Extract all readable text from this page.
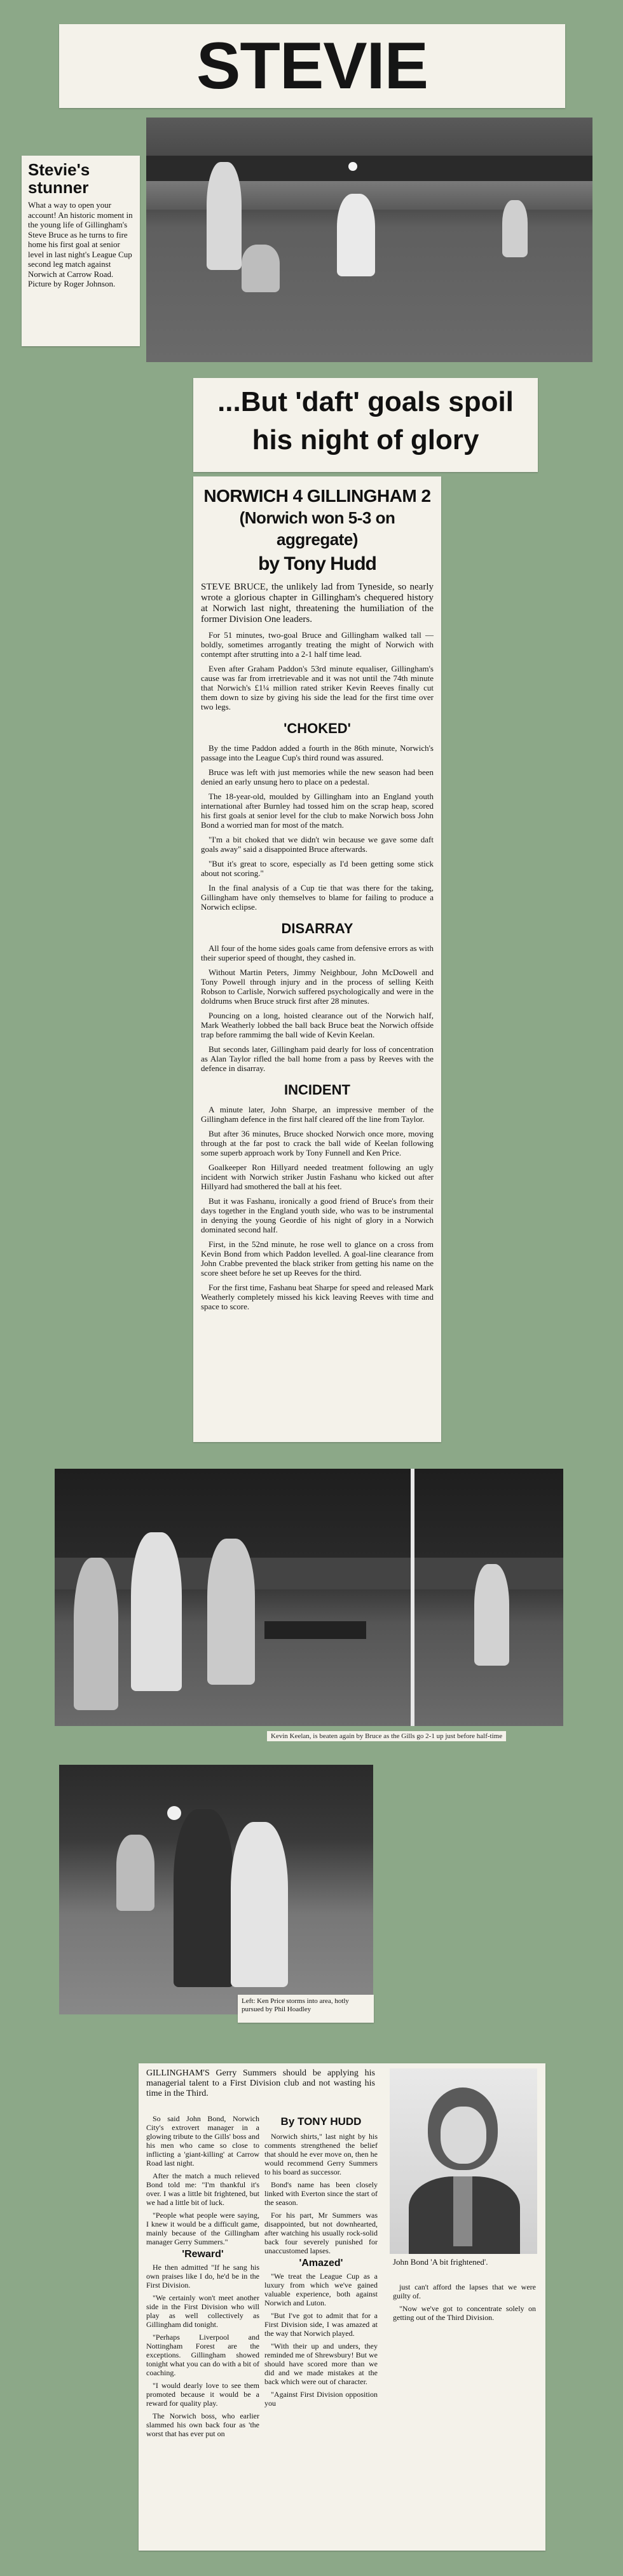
STEVIE
Stevie's stunner
What a way to open your account! An historic moment in the young life of Gillingham's Steve Bruce as he turns to fire home his first goal at senior level in last night's League Cup second leg match against Norwich at Carrow Road. Picture by Roger Johnson.
...But 'daft' goals spoil
his night of glory
NORWICH 4 GILLINGHAM 2
(Norwich won 5-3 on aggregate)
by Tony Hudd

STEVE BRUCE, the unlikely lad from Tyneside, so nearly wrote a glorious chapter in Gillingham's chequered history at Norwich last night, threatening the humiliation of the former Division One leaders.

For 51 minutes, two-goal Bruce and Gillingham walked tall — boldly, sometimes arrogantly treating the might of Norwich with contempt after strutting into a 2-1 half time lead.

Even after Graham Paddon's 53rd minute equaliser, Gillingham's cause was far from irretrievable and it was not until the 74th minute that Norwich's £1¼ million rated striker Kevin Reeves finally cut them down to size by giving his side the lead for the first time over two legs.

'CHOKED'

By the time Paddon added a fourth in the 86th minute, Norwich's passage into the League Cup's third round was assured.

Bruce was left with just memories while the new season had been denied an early unsung hero to place on a pedestal.

The 18-year-old, moulded by Gillingham into an England youth international after Burnley had tossed him on the scrap heap, scored his first goals at senior level for the club to make Norwich boss John Bond a worried man for most of the match.

"I'm a bit choked that we didn't win because we gave some daft goals away" said a disappointed Bruce afterwards.

"But it's great to score, especially as I'd been getting some stick about not scoring."

In the final analysis of a Cup tie that was there for the taking, Gillingham have only themselves to blame for failing to produce a Norwich eclipse.

DISARRAY

All four of the home sides goals came from defensive errors as with their superior speed of thought, they cashed in.

Without Martin Peters, Jimmy Neighbour, John McDowell and Tony Powell through injury and in the process of selling Keith Robson to Carlisle, Norwich suffered psychologically and were in the doldrums when Bruce struck first after 28 minutes.

Pouncing on a long, hoisted clearance out of the Norwich half, Mark Weatherly lobbed the ball back Bruce beat the Norwich offside trap before rammimg the ball wide of Kevin Keelan.

But seconds later, Gillingham paid dearly for loss of concentration as Alan Taylor rifled the ball home from a pass by Reeves with the defence in disarray.

INCIDENT

A minute later, John Sharpe, an impressive member of the Gillingham defence in the first half cleared off the line from Taylor.

But after 36 minutes, Bruce shocked Norwich once more, moving through at the far post to crack the ball wide of Keelan following some superb approach work by Tony Funnell and Ken Price.

Goalkeeper Ron Hillyard needed treatment following an ugly incident with Norwich striker Justin Fashanu who kicked out after Hillyard had smothered the ball at his feet.

But it was Fashanu, ironically a good friend of Bruce's from their days together in the England youth side, who was to be instrumental in denying the young Geordie of his night of glory in a Norwich dominated second half.

First, in the 52nd minute, he rose well to glance on a cross from Kevin Bond from which Paddon levelled. A goal-line clearance from John Crabbe prevented the black striker from getting his name on the score sheet before he set up Reeves for the third.

For the first time, Fashanu beat Sharpe for speed and released Mark Weatherly completely missed his kick leaving Reeves with time and space to score.

Kevin Keelan, is beaten again by Bruce as the Gills go 2-1 up just before half-time
Left: Ken Price storms into area, hotly pursued by Phil Hoadley
GILLINGHAM'S Gerry Summers should be applying his managerial talent to a First Division club and not wasting his time in the Third.

So said John Bond, Norwich City's extrovert manager in a glowing tribute to the Gills' boss and his men who came so close to inflicting a 'giant-killing' at Carrow Road last night.

After the match a much relieved Bond told me: "I'm thankful it's over. I was a little bit frightened, but we had a little bit of luck.

"People what people were saying, I knew it would be a difficult game, mainly because of the Gillingham manager Gerry Summers."

'Reward'

He then admitted "If he sang his own praises like I do, he'd be in the First Division.

"We certainly won't meet another side in the First Division who will play as well collectively as Gillingham did tonight.

"Perhaps Liverpool and Nottingham Forest are the exceptions. Gillingham showed tonight what you can do with a bit of coaching.

"I would dearly love to see them promoted because it would be a reward for quality play.

The Norwich boss, who earlier slammed his own back four as 'the worst that has ever put on

By TONY HUDD

Norwich shirts," last night by his comments strengthened the belief that should he ever move on, then he would recommend Gerry Summers to his board as successor.

Bond's name has been closely linked with Everton since the start of the season.

For his part, Mr Summers was disappointed, but not downhearted, after watching his usually rock-solid back four severely punished for unaccustomed lapses.

'Amazed'

"We treat the League Cup as a luxury from which we've gained valuable experience, both against Norwich and Luton.

"But I've got to admit that for a First Division side, I was amazed at the way that Norwich played.

"With their up and unders, they reminded me of Shrewsbury! But we should have scored more than we did and we made mistakes at the back which were out of character.

"Against First Division opposition you

John Bond 'A bit frightened'.

just can't afford the lapses that we were guilty of.

"Now we've got to concentrate solely on getting out of the Third Division.
